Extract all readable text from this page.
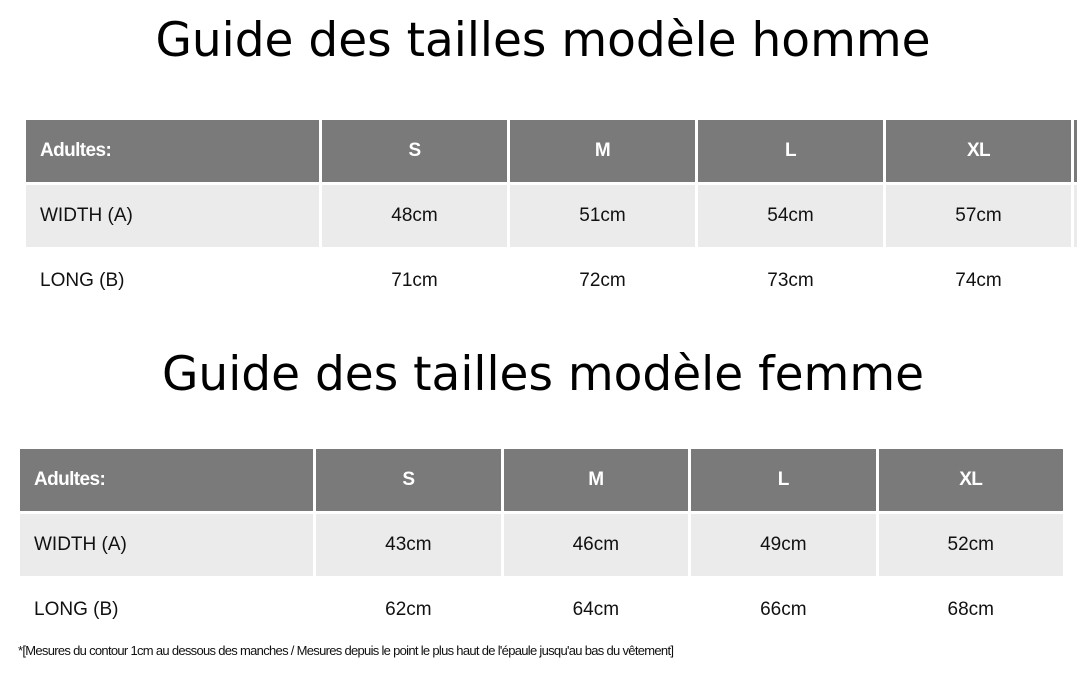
Guide des tailles modèle homme
Adultes:	S	M	L	XL
WIDTH (A)	48cm	51cm	54cm	57cm
LONG (B)	71cm	72cm	73cm	74cm
Guide des tailles modèle femme
Adultes:	S	M	L	XL
WIDTH (A)	43cm	46cm	49cm	52cm
LONG (B)	62cm	64cm	66cm	68cm
*[Mesures du contour 1cm au dessous des manches / Mesures depuis le point le plus haut de l'épaule jusqu'au bas du vêtement]
